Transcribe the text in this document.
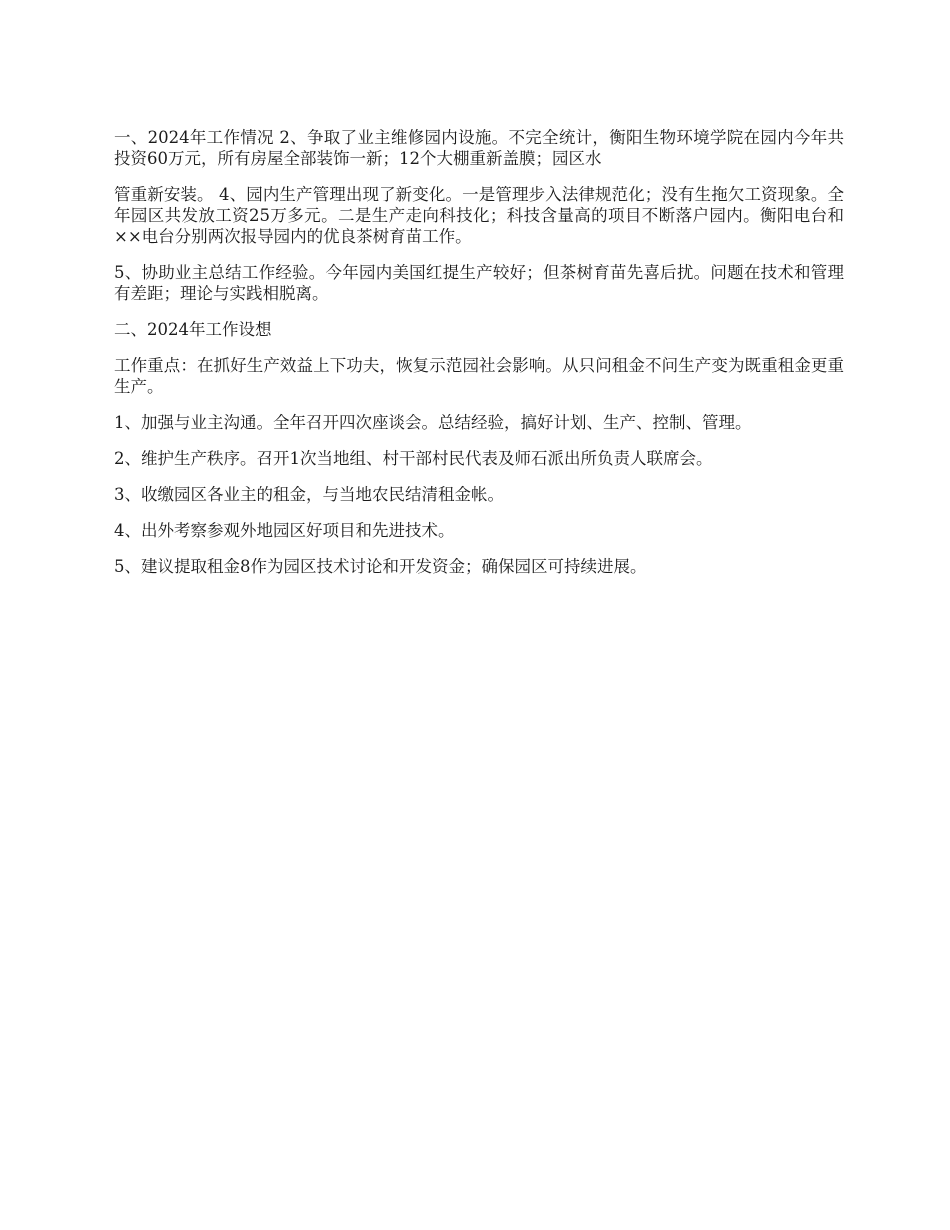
一、2024年工作情况 2、争取了业主维修园内设施。不完全统计，衡阳生物环境学院在园内今年共投资60万元，所有房屋全部装饰一新；12个大棚重新盖膜；园区水

管重新安装。 4、园内生产管理出现了新变化。一是管理步入法律规范化；没有生拖欠工资现象。全年园区共发放工资25万多元。二是生产走向科技化；科技含量高的项目不断落户园内。衡阳电台和××电台分别两次报导园内的优良茶树育苗工作。

5、协助业主总结工作经验。今年园内美国红提生产较好；但茶树育苗先喜后扰。问题在技术和管理有差距；理论与实践相脱离。

二、2024年工作设想

工作重点：在抓好生产效益上下功夫，恢复示范园社会影响。从只问租金不问生产变为既重租金更重生产。

1、加强与业主沟通。全年召开四次座谈会。总结经验，搞好计划、生产、控制、管理。

2、维护生产秩序。召开1次当地组、村干部村民代表及师石派出所负责人联席会。

3、收缴园区各业主的租金，与当地农民结清租金帐。

4、出外考察参观外地园区好项目和先进技术。

5、建议提取租金8作为园区技术讨论和开发资金；确保园区可持续进展。
